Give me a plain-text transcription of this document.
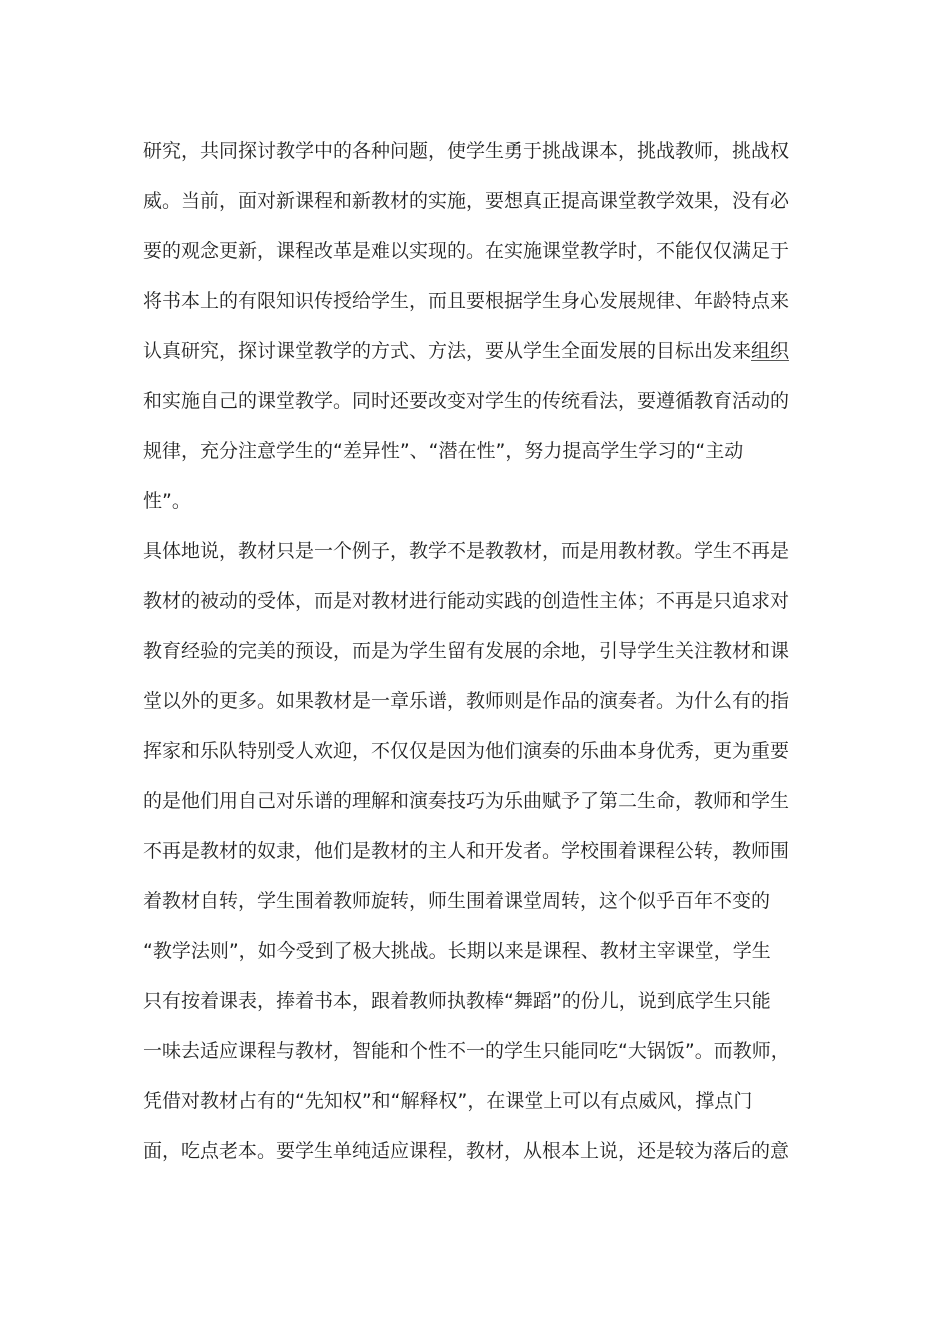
研究，共同探讨教学中的各种问题，使学生勇于挑战课本，挑战教师，挑战权
威。当前，面对新课程和新教材的实施，要想真正提高课堂教学效果，没有必
要的观念更新，课程改革是难以实现的。在实施课堂教学时，不能仅仅满足于
将书本上的有限知识传授给学生，而且要根据学生身心发展规律、年龄特点来
认真研究，探讨课堂教学的方式、方法，要从学生全面发展的目标出发来组织
和实施自己的课堂教学。同时还要改变对学生的传统看法，要遵循教育活动的
规律，充分注意学生的“差异性”、“潜在性”，努力提高学生学习的“主动
性”。
具体地说，教材只是一个例子，教学不是教教材，而是用教材教。学生不再是
教材的被动的受体，而是对教材进行能动实践的创造性主体；不再是只追求对
教育经验的完美的预设，而是为学生留有发展的余地，引导学生关注教材和课
堂以外的更多。如果教材是一章乐谱，教师则是作品的演奏者。为什么有的指
挥家和乐队特别受人欢迎，不仅仅是因为他们演奏的乐曲本身优秀，更为重要
的是他们用自己对乐谱的理解和演奏技巧为乐曲赋予了第二生命，教师和学生
不再是教材的奴隶，他们是教材的主人和开发者。学校围着课程公转，教师围
着教材自转，学生围着教师旋转，师生围着课堂周转，这个似乎百年不变的
“教学法则”，如今受到了极大挑战。长期以来是课程、教材主宰课堂，学生
只有按着课表，捧着书本，跟着教师执教棒“舞蹈”的份儿，说到底学生只能
一味去适应课程与教材，智能和个性不一的学生只能同吃“大锅饭”。而教师，
凭借对教材占有的“先知权”和“解释权”，在课堂上可以有点威风，撑点门
面，吃点老本。要学生单纯适应课程，教材，从根本上说，还是较为落后的意
